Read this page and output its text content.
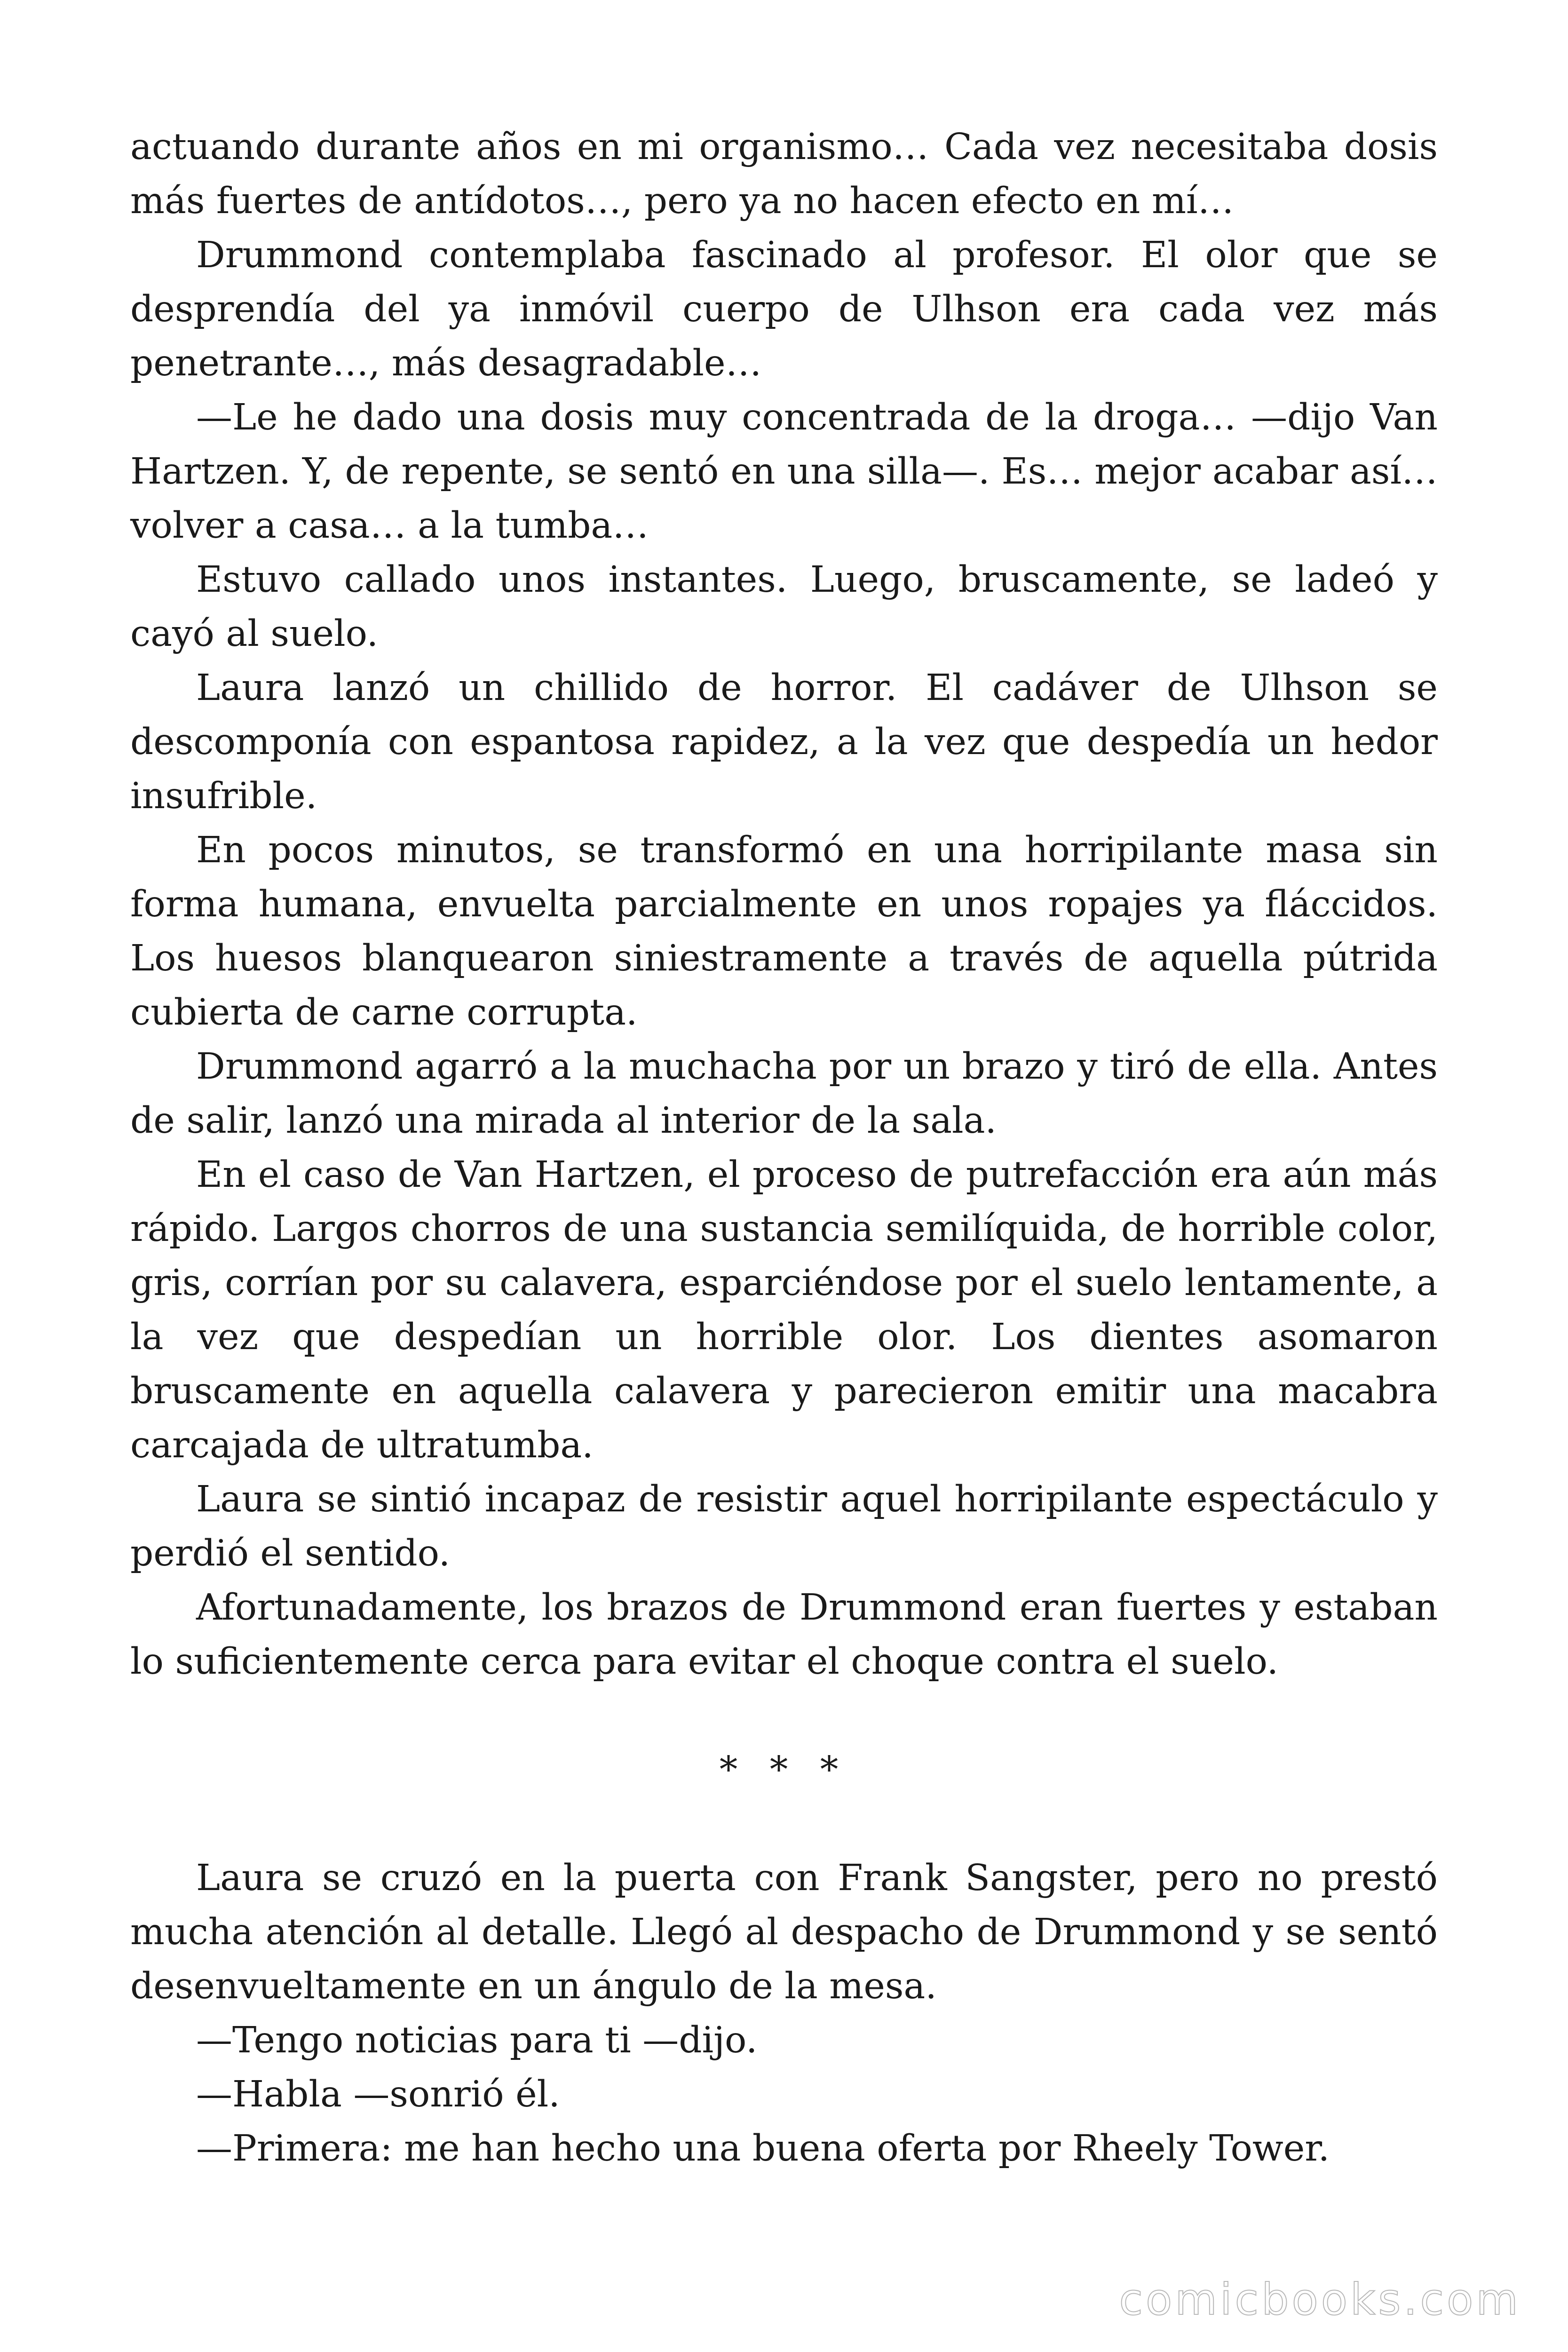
actuando durante años en mi organismo… Cada vez necesitaba dosis más fuertes de antídotos…, pero ya no hacen efecto en mí…

Drummond contemplaba fascinado al profesor. El olor que se desprendía del ya inmóvil cuerpo de Ulhson era cada vez más penetrante…, más desagradable…

—Le he dado una dosis muy concentrada de la droga… —dijo Van Hartzen. Y, de repente, se sentó en una silla—. Es… mejor acabar así… volver a casa… a la tumba…

Estuvo callado unos instantes. Luego, bruscamente, se ladeó y cayó al suelo.

Laura lanzó un chillido de horror. El cadáver de Ulhson se descomponía con espantosa rapidez, a la vez que despedía un hedor insufrible.

En pocos minutos, se transformó en una horripilante masa sin forma humana, envuelta parcialmente en unos ropajes ya fláccidos. Los huesos blanquearon siniestramente a través de aquella pútrida cubierta de carne corrupta.

Drummond agarró a la muchacha por un brazo y tiró de ella. Antes de salir, lanzó una mirada al interior de la sala.

En el caso de Van Hartzen, el proceso de putrefacción era aún más rápido. Largos chorros de una sustancia semilíquida, de horrible color, gris, corrían por su calavera, esparciéndose por el suelo lentamente, a la vez que despedían un horrible olor. Los dientes asomaron bruscamente en aquella calavera y parecieron emitir una macabra carcajada de ultratumba.

Laura se sintió incapaz de resistir aquel horripilante espectáculo y perdió el sentido.

Afortunadamente, los brazos de Drummond eran fuertes y estaban lo suficientemente cerca para evitar el choque contra el suelo.

* * *

Laura se cruzó en la puerta con Frank Sangster, pero no prestó mucha atención al detalle. Llegó al despacho de Drummond y se sentó desenvueltamente en un ángulo de la mesa.

—Tengo noticias para ti —dijo.

—Habla —sonrió él.

—Primera: me han hecho una buena oferta por Rheely Tower.

comicbooks.com
